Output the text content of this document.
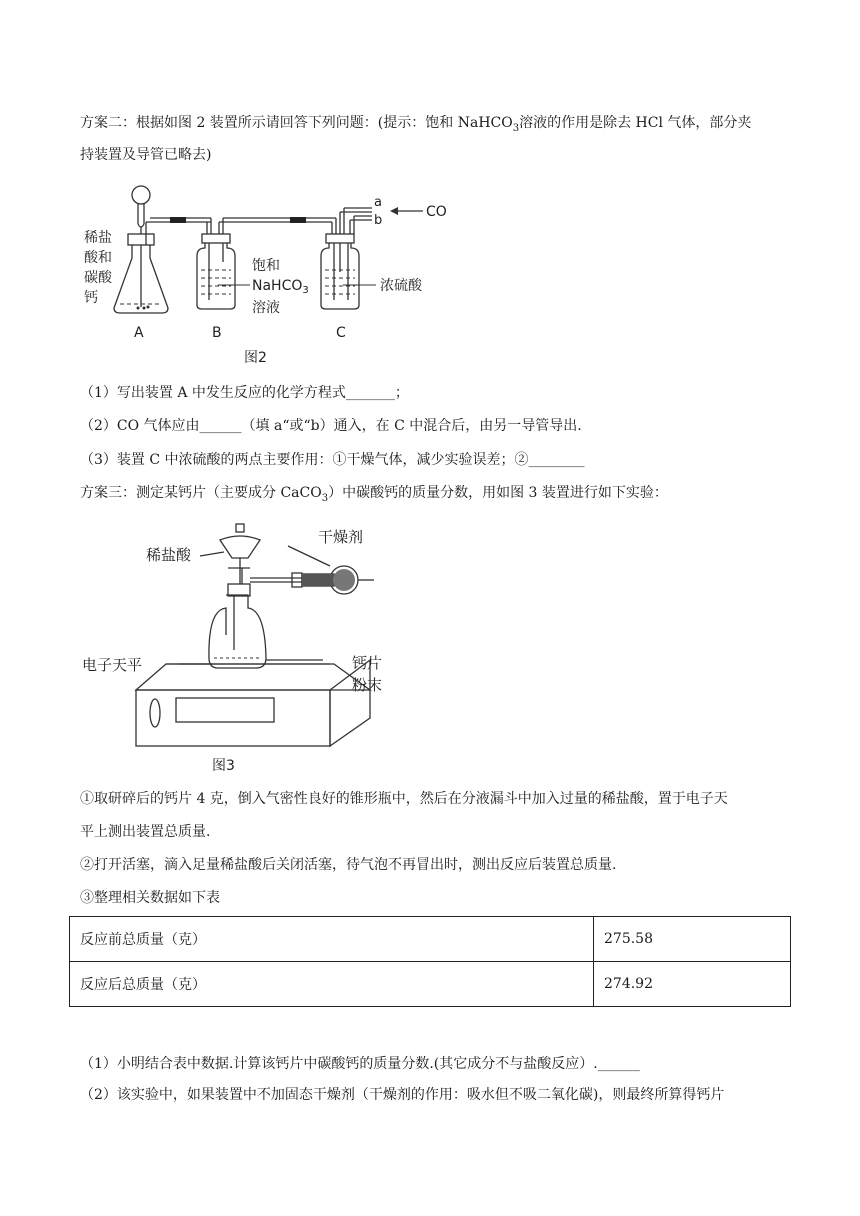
方案二：根据如图 2 装置所示请回答下列问题：(提示：饱和 NaHCO$_3$溶液的作用是除去 HCl 气体，部分夹
持装置及导管已略去)
稀盐
酸和
碳酸
钙
饱和
NaHCO$_3$
溶液
浓硫酸
a
b
CO
A	B	C
图2
（1）写出装置 A 中发生反应的化学方程式_______；
（2）CO 气体应由______（填 a“或“b）通入，在 C 中混合后，由另一导管导出.
（3）装置 C 中浓硫酸的两点主要作用：①干燥气体，减少实验误差；②________
方案三：测定某钙片（主要成分 CaCO$_3$）中碳酸钙的质量分数，用如图 3 装置进行如下实验：
稀盐酸
干燥剂
电子天平	钙片
粉末
图3
①取研碎后的钙片 4 克，倒入气密性良好的锥形瓶中，然后在分液漏斗中加入过量的稀盐酸，置于电子天
平上测出装置总质量.
②打开活塞，滴入足量稀盐酸后关闭活塞，待气泡不再冒出时，测出反应后装置总质量.
③整理相关数据如下表
反应前总质量（克）	275.58
反应后总质量（克）	274.92
（1）小明结合表中数据.计算该钙片中碳酸钙的质量分数.(其它成分不与盐酸反应）.______
（2）该实验中，如果装置中不加固态干燥剂（干燥剂的作用：吸水但不吸二氧化碳)，则最终所算得钙片
